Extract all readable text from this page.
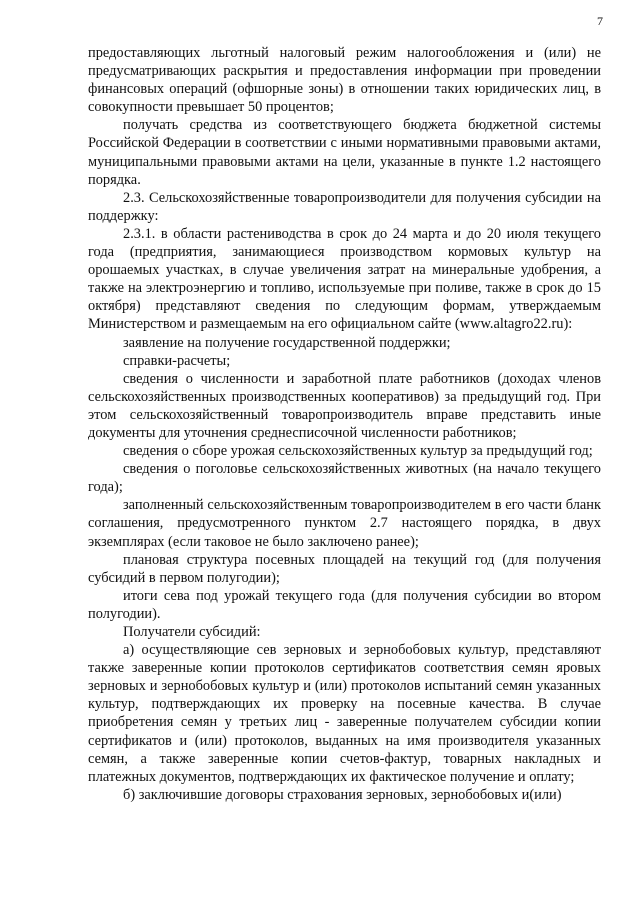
7

предоставляющих льготный налоговый режим налогообложения и (или) не предусматривающих раскрытия и предоставления информации при проведении финансовых операций (офшорные зоны) в отношении таких юридических лиц, в совокупности превышает 50 процентов;

получать средства из соответствующего бюджета бюджетной системы Российской Федерации в соответствии с иными нормативными правовыми актами, муниципальными правовыми актами на цели, указанные в пункте 1.2 настоящего порядка.

2.3. Сельскохозяйственные товаропроизводители для получения субсидии на поддержку:

2.3.1. в области растениводства в срок до 24 марта и до 20 июля текущего года (предприятия, занимающиеся производством кормовых культур на орошаемых участках, в случае увеличения затрат на минеральные удобрения, а также на электроэнергию и топливо, используемые при поливе, также в срок до 15 октября) представляют сведения по следующим формам, утверждаемым Министерством и размещаемым на его официальном сайте (www.altagro22.ru):

заявление на получение государственной поддержки;

справки-расчеты;

сведения о численности и заработной плате работников (доходах членов сельскохозяйственных производственных кооперативов) за предыдущий год. При этом сельскохозяйственный товаропроизводитель вправе представить иные документы для уточнения среднесписочной численности работников;

сведения о сборе урожая сельскохозяйственных культур за предыдущий год;

сведения о поголовье сельскохозяйственных животных (на начало текущего года);

заполненный сельскохозяйственным товаропроизводителем в его части бланк соглашения, предусмотренного пунктом 2.7 настоящего порядка, в двух экземплярах (если таковое не было заключено ранее);

плановая структура посевных площадей на текущий год (для получения субсидий в первом полугодии);

итоги сева под урожай текущего года (для получения субсидии во втором полугодии).

Получатели субсидий:

а) осуществляющие сев зерновых и зернобобовых культур, представляют также заверенные копии протоколов сертификатов соответствия семян яровых зерновых и зернобобовых культур и (или) протоколов испытаний семян указанных культур, подтверждающих их проверку на посевные качества. В случае приобретения семян у третьих лиц - заверенные получателем субсидии копии сертификатов и (или) протоколов, выданных на имя производителя указанных семян, а также заверенные копии счетов-фактур, товарных накладных и платежных документов, подтверждающих их фактическое получение и оплату;

б) заключившие договоры страхования зерновых, зернобобовых и(или)
